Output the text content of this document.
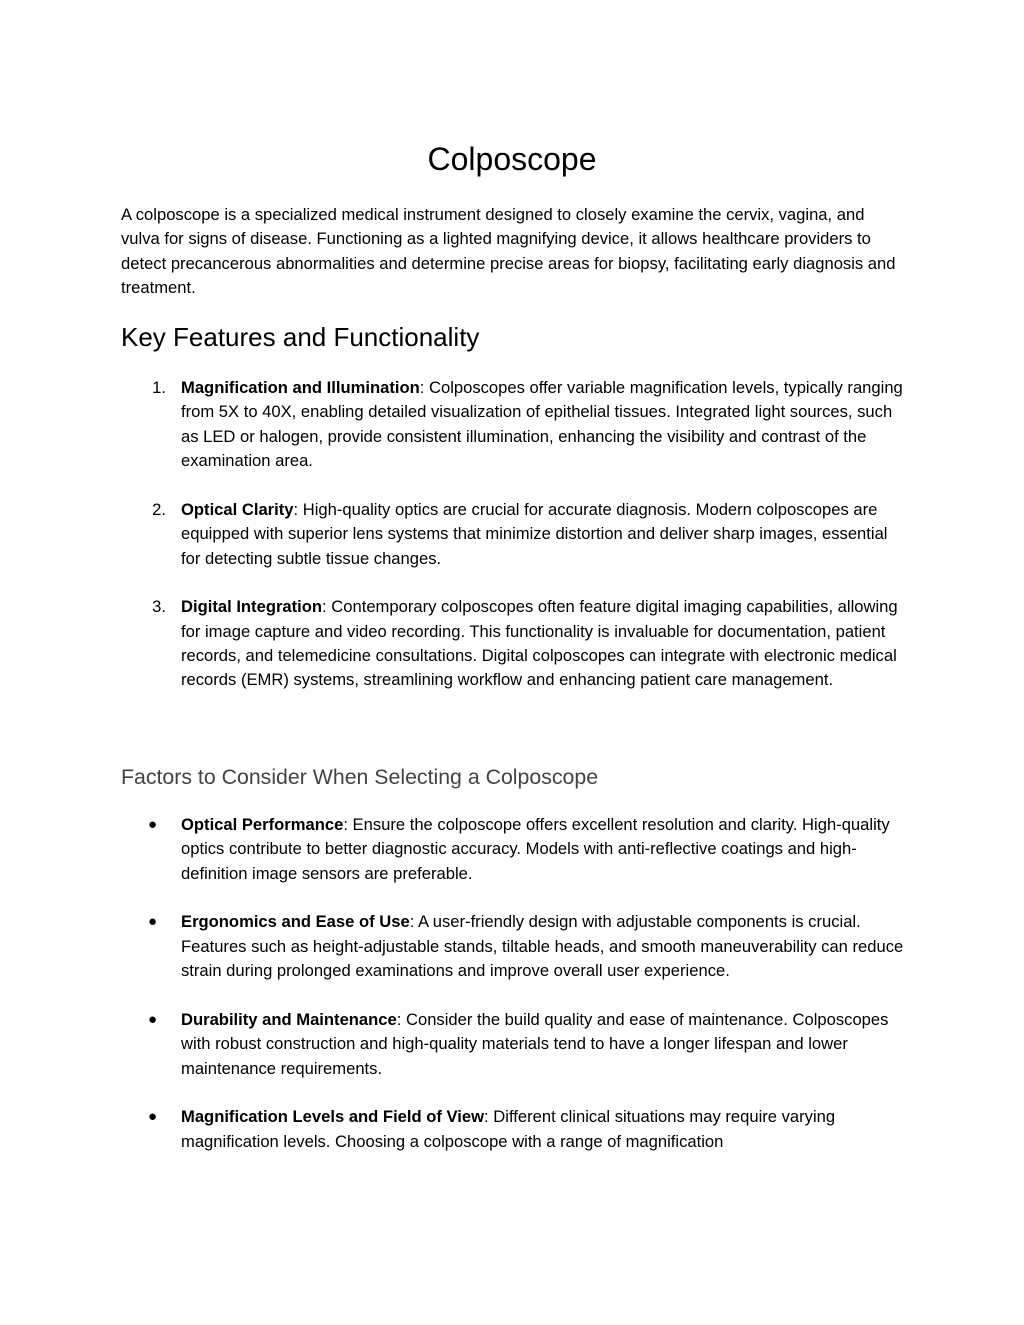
Colposcope

A colposcope is a specialized medical instrument designed to closely examine the cervix, vagina, and vulva for signs of disease. Functioning as a lighted magnifying device, it allows healthcare providers to detect precancerous abnormalities and determine precise areas for biopsy, facilitating early diagnosis and treatment.

Key Features and Functionality
1. Magnification and Illumination: Colposcopes offer variable magnification levels, typically ranging from 5X to 40X, enabling detailed visualization of epithelial tissues. Integrated light sources, such as LED or halogen, provide consistent illumination, enhancing the visibility and contrast of the examination area.
2. Optical Clarity: High-quality optics are crucial for accurate diagnosis. Modern colposcopes are equipped with superior lens systems that minimize distortion and deliver sharp images, essential for detecting subtle tissue changes.
3. Digital Integration: Contemporary colposcopes often feature digital imaging capabilities, allowing for image capture and video recording. This functionality is invaluable for documentation, patient records, and telemedicine consultations. Digital colposcopes can integrate with electronic medical records (EMR) systems, streamlining workflow and enhancing patient care management.
Factors to Consider When Selecting a Colposcope
● Optical Performance: Ensure the colposcope offers excellent resolution and clarity. High-quality optics contribute to better diagnostic accuracy. Models with anti-reflective coatings and high-definition image sensors are preferable.
● Ergonomics and Ease of Use: A user-friendly design with adjustable components is crucial. Features such as height-adjustable stands, tiltable heads, and smooth maneuverability can reduce strain during prolonged examinations and improve overall user experience.
● Durability and Maintenance: Consider the build quality and ease of maintenance. Colposcopes with robust construction and high-quality materials tend to have a longer lifespan and lower maintenance requirements.
● Magnification Levels and Field of View: Different clinical situations may require varying magnification levels. Choosing a colposcope with a range of magnification
